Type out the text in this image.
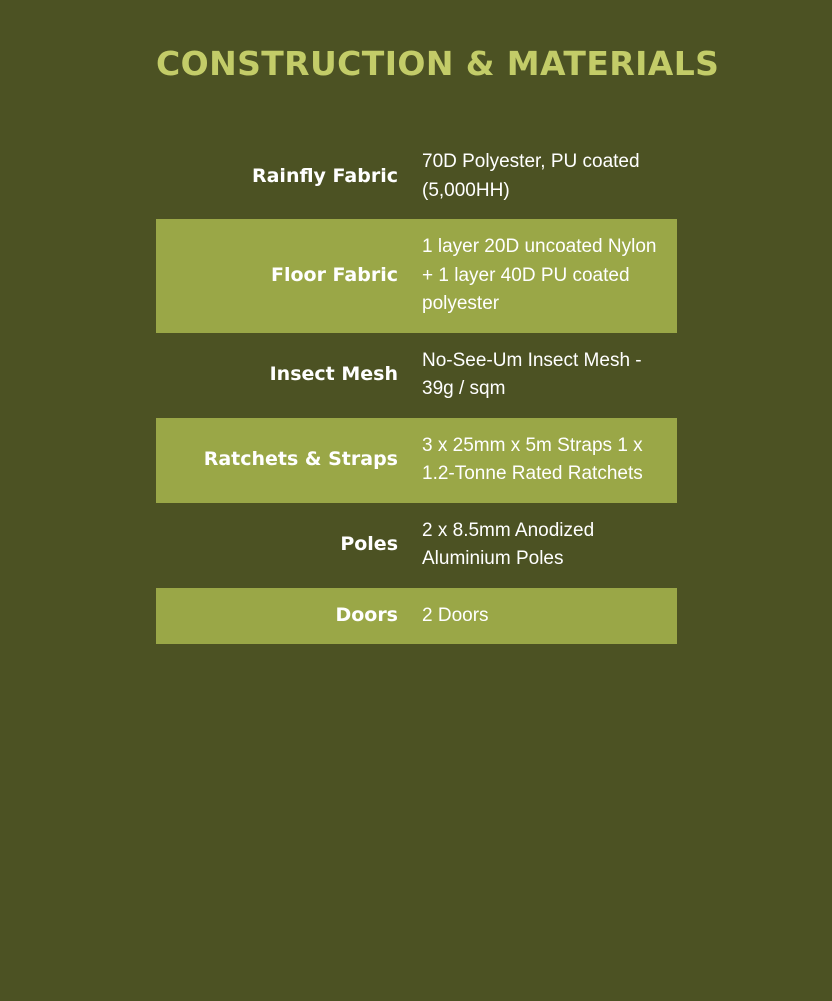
CONSTRUCTION & MATERIALS
Rainfly Fabric
70D Polyester, PU coated (5,000HH)
Floor Fabric
1 layer 20D uncoated Nylon + 1 layer 40D PU coated polyester
Insect Mesh
No-See-Um Insect Mesh - 39g / sqm
Ratchets & Straps
3 x 25mm x 5m Straps 1 x 1.2-Tonne Rated Ratchets
Poles
2 x 8.5mm Anodized Aluminium Poles
Doors	2 Doors
